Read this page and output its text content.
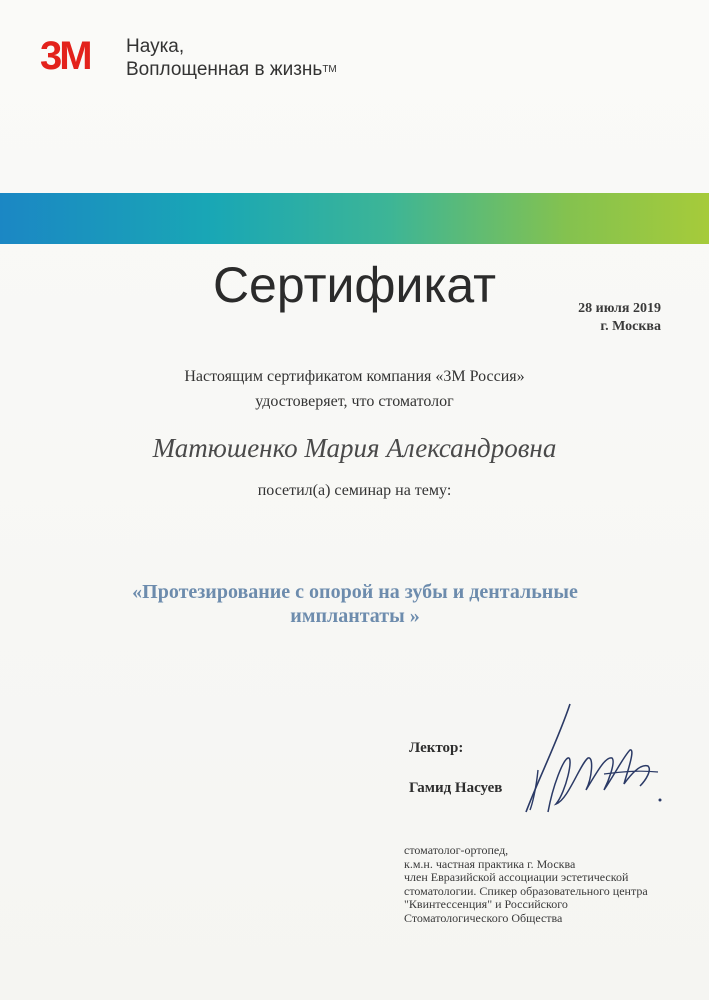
3M Наука,
Воплощенная в жизнь™
Сертификат	28 июля 2019
г. Москва
Настоящим сертификатом компания «3М Россия»
удостоверяет, что стоматолог
Матюшенко Мария Александровна
посетил(а) семинар на тему:
«Протезирование с опорой на зубы и дентальные
имплантаты »
Лектор:
Гамид Насуев
стоматолог-ортопед,
к.м.н. частная практика г. Москва
член Евразийской ассоциации эстетической
стоматологии. Спикер образовательного центра
"Квинтессенция" и Российского
Стоматологического Общества
